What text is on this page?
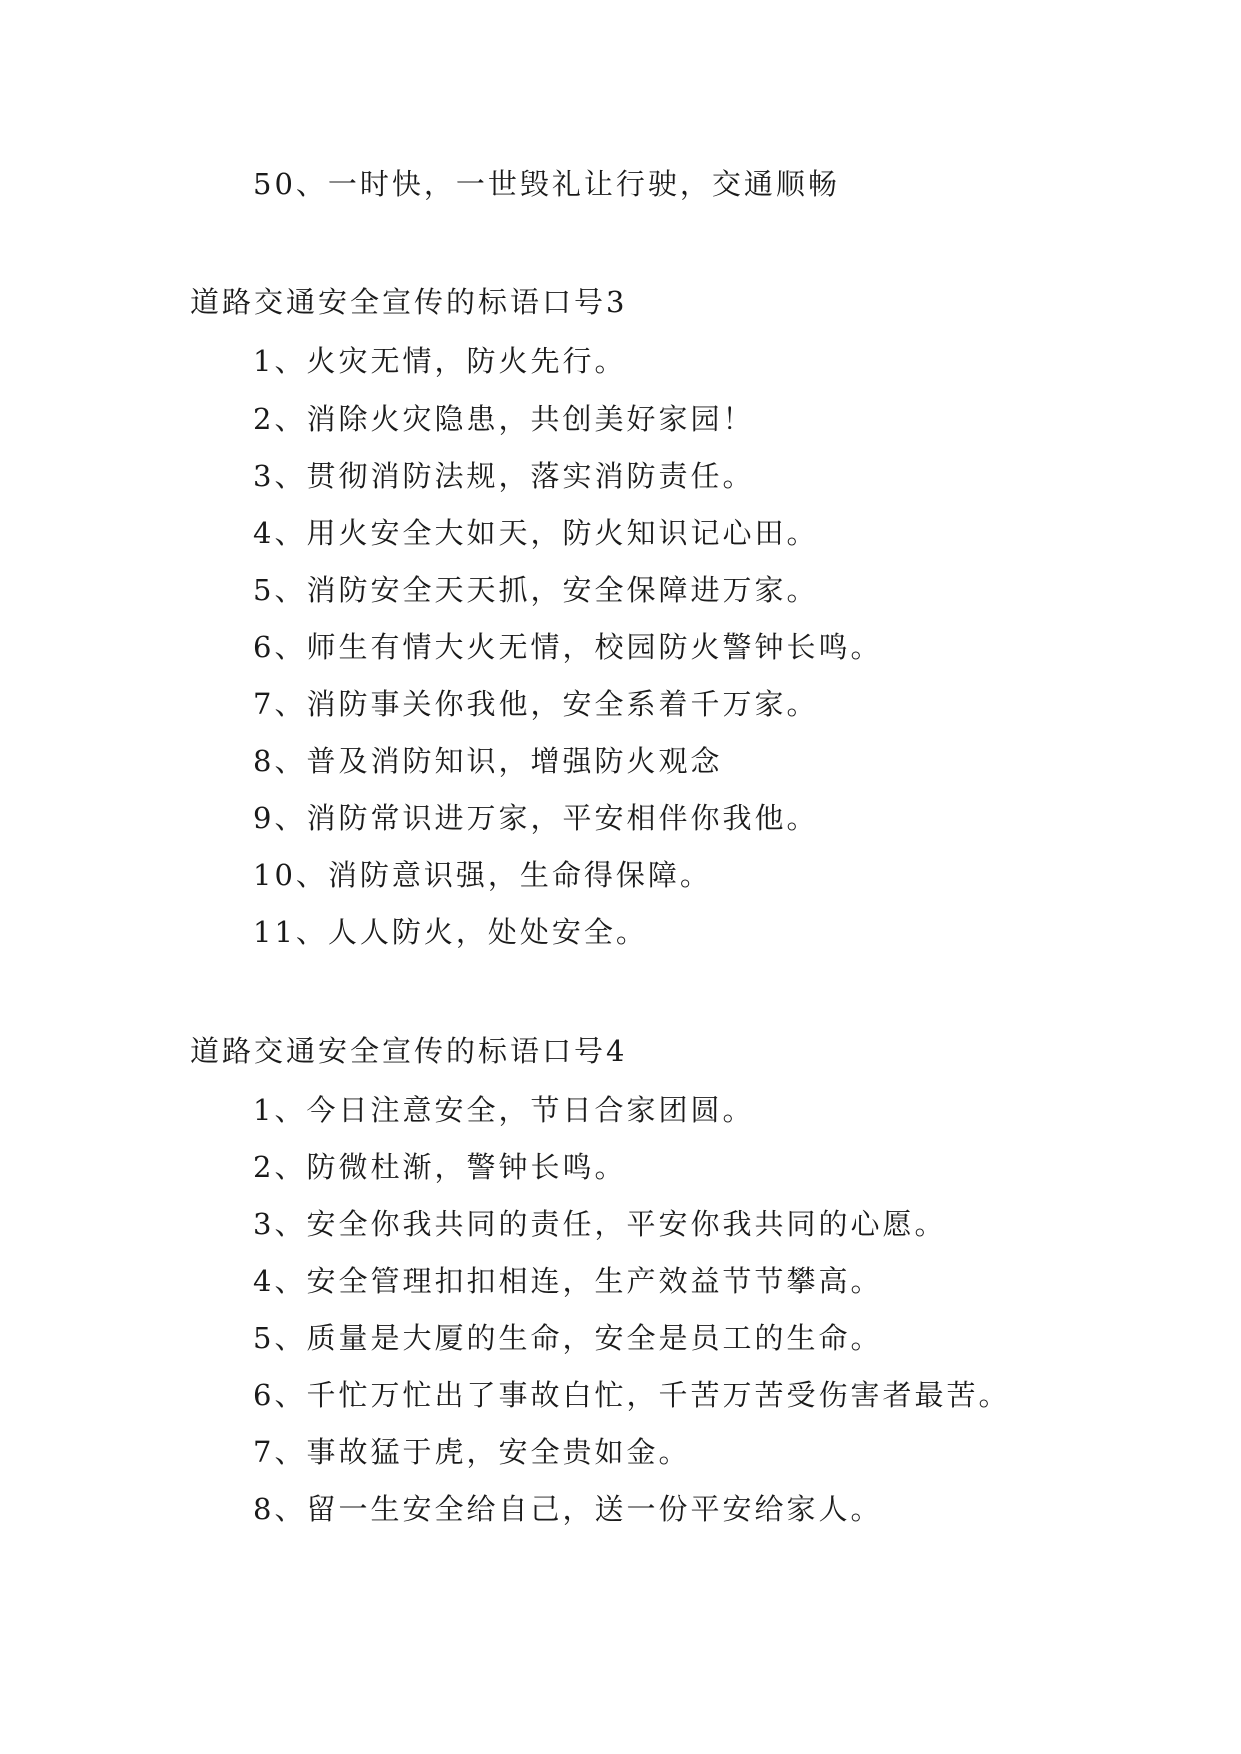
50、一时快，一世毁礼让行驶，交通顺畅
道路交通安全宣传的标语口号3
1、火灾无情，防火先行。
2、消除火灾隐患，共创美好家园！
3、贯彻消防法规，落实消防责任。
4、用火安全大如天，防火知识记心田。
5、消防安全天天抓，安全保障进万家。
6、师生有情大火无情，校园防火警钟长鸣。
7、消防事关你我他，安全系着千万家。
8、普及消防知识，增强防火观念
9、消防常识进万家，平安相伴你我他。
10、消防意识强，生命得保障。
11、人人防火，处处安全。
道路交通安全宣传的标语口号4
1、今日注意安全，节日合家团圆。
2、防微杜渐，警钟长鸣。
3、安全你我共同的责任，平安你我共同的心愿。
4、安全管理扣扣相连，生产效益节节攀高。
5、质量是大厦的生命，安全是员工的生命。
6、千忙万忙出了事故白忙，千苦万苦受伤害者最苦。
7、事故猛于虎，安全贵如金。
8、留一生安全给自己，送一份平安给家人。
